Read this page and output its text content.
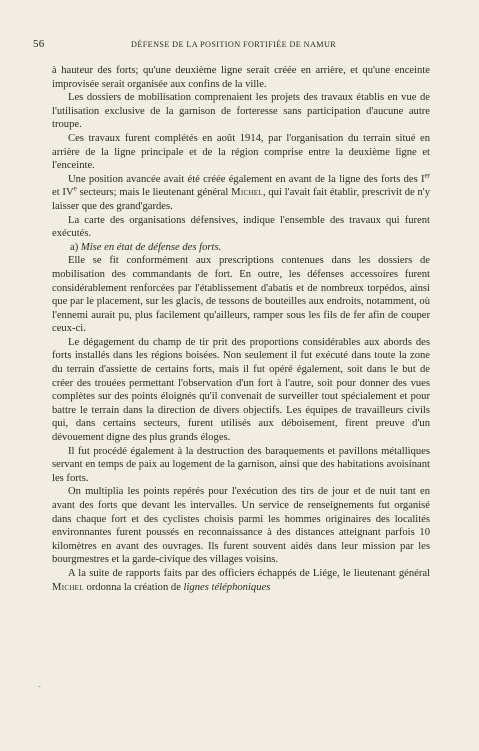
56	DÉFENSE DE LA POSITION FORTIFIÉE DE NAMUR

à hauteur des forts; qu'une deuxième ligne serait créée en arrière, et qu'une enceinte improvisée serait organisée aux confins de la ville.

Les dossiers de mobilisation comprenaient les projets des travaux établis en vue de l'utilisation exclusive de la garnison de forteresse sans participation d'aucune autre troupe.

Ces travaux furent complétés en août 1914, par l'organisation du terrain situé en arrière de la ligne principale et de la région comprise entre la deuxième ligne et l'enceinte.

Une position avancée avait été créée également en avant de la ligne des forts des Ier et IVe secteurs; mais le lieutenant général Michel, qui l'avait fait établir, prescrivit de n'y laisser que des grand'gardes.

La carte des organisations défensives, indique l'ensemble des travaux qui furent exécutés.

a) Mise en état de défense des forts.

Elle se fit conformément aux prescriptions contenues dans les dossiers de mobilisation des commandants de fort. En outre, les défenses accessoires furent considérablement renforcées par l'établissement d'abatis et de nombreux torpédos, ainsi que par le placement, sur les glacis, de tessons de bouteilles aux endroits, notamment, où l'ennemi aurait pu, plus facilement qu'ailleurs, ramper sous les fils de fer afin de couper ceux-ci.

Le dégagement du champ de tir prit des proportions considérables aux abords des forts installés dans les régions boisées. Non seulement il fut exécuté dans toute la zone du terrain d'assiette de certains forts, mais il fut opéré également, soit dans le but de créer des trouées permettant l'observation d'un fort à l'autre, soit pour donner des vues complètes sur des points éloignés qu'il convenait de surveiller tout spécialement et pour battre le terrain dans la direction de divers objectifs. Les équipes de travailleurs civils qui, dans certains secteurs, furent utilisés aux déboisement, firent preuve d'un dévouement digne des plus grands éloges.

Il fut procédé également à la destruction des baraquements et pavillons métalliques servant en temps de paix au logement de la garnison, ainsi que des habitations avoisinant les forts.

On multiplia les points repérés pour l'exécution des tirs de jour et de nuit tant en avant des forts que devant les intervalles. Un service de renseignements fut organisé dans chaque fort et des cyclistes choisis parmi les hommes originaires des localités environnantes furent poussés en reconnaissance à des distances atteignant parfois 10 kilomètres en avant des ouvrages. Ils furent souvent aidés dans leur mission par les bourgmestres et la garde-civique des villages voisins.

A la suite de rapports faits par des officiers échappés de Liége, le lieutenant général Michel ordonna la création de lignes téléphoniques

-
